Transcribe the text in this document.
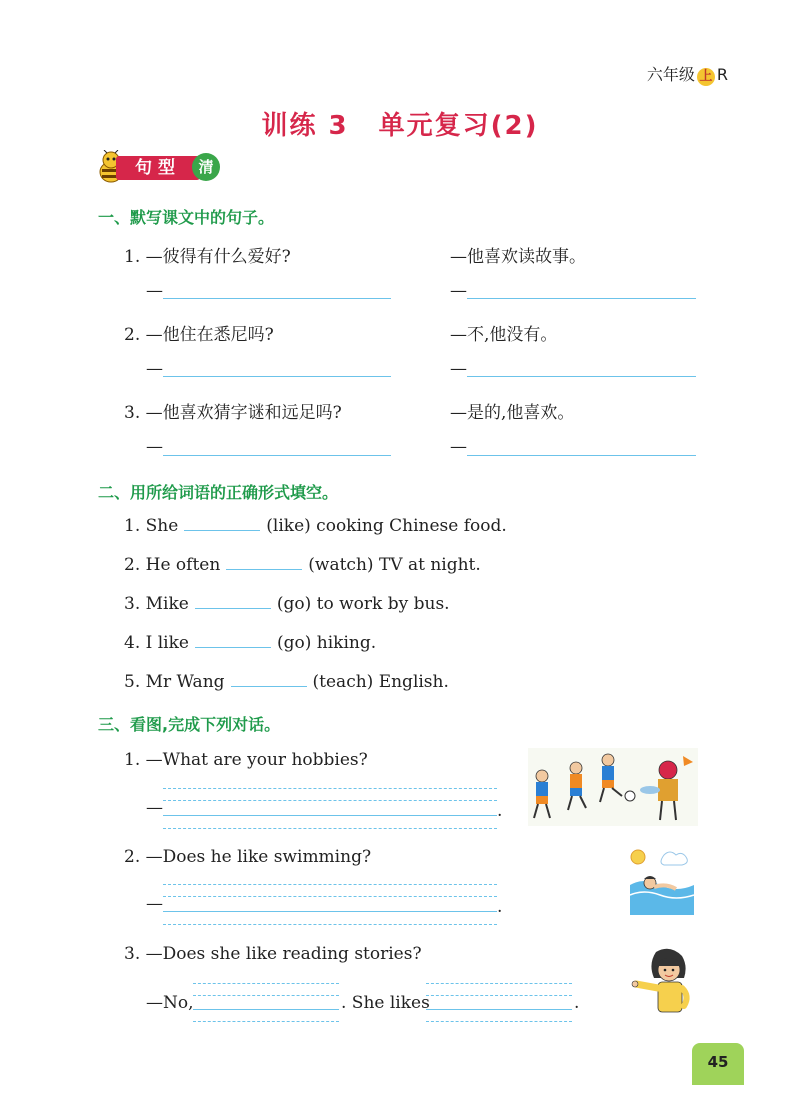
六年级 上 R
训练 3 单元复习(2)
句型	清
一、默写课文中的句子。
1. —彼得有什么爱好?	—他喜欢读故事。
—	—
2. —他住在悉尼吗?	—不,他没有。
—	—
3. —他喜欢猜字谜和远足吗?	—是的,他喜欢。
—	—
二、用所给词语的正确形式填空。
1. She	(like) cooking Chinese food.
2. He often	(watch) TV at night.
3. Mike	(go) to work by bus.
4. I like	(go) hiking.
5. Mr Wang	(teach) English.
三、看图,完成下列对话。
1. —What are your hobbies?
—	.
2. —Does he like swimming?
—	.
3. —Does she like reading stories?
—No,	. She likes	.
45
